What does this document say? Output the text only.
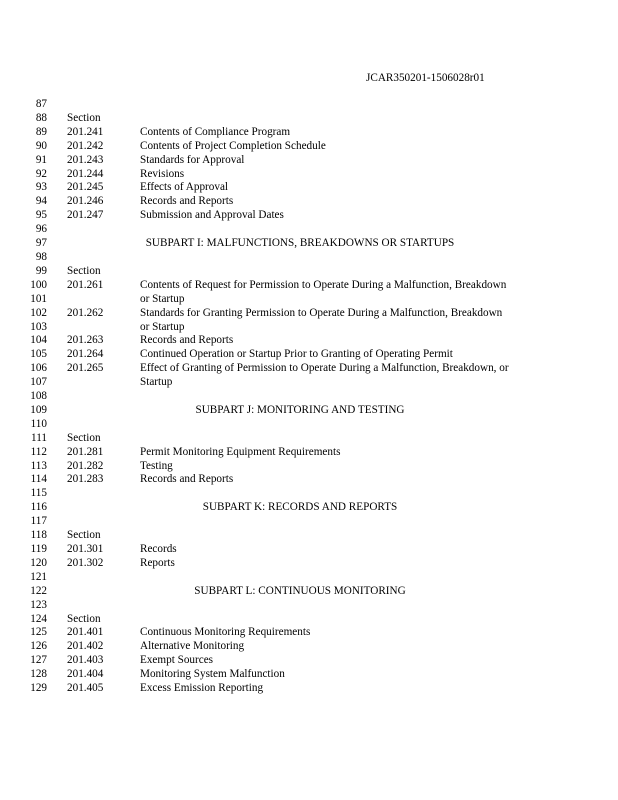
JCAR350201-1506028r01
87
88 Section
89 201.241	Contents of Compliance Program
90 201.242	Contents of Project Completion Schedule
91 201.243	Standards for Approval
92 201.244	Revisions
93 201.245	Effects of Approval
94 201.246	Records and Reports
95 201.247	Submission and Approval Dates
96
97	SUBPART I: MALFUNCTIONS, BREAKDOWNS OR STARTUPS
98
99 Section
100 201.261	Contents of Request for Permission to Operate During a Malfunction, Breakdown
101	or Startup
102 201.262	Standards for Granting Permission to Operate During a Malfunction, Breakdown
103	or Startup
104 201.263	Records and Reports
105 201.264	Continued Operation or Startup Prior to Granting of Operating Permit
106 201.265	Effect of Granting of Permission to Operate During a Malfunction, Breakdown, or
107	Startup
108
109	SUBPART J: MONITORING AND TESTING
110
111 Section
112 201.281	Permit Monitoring Equipment Requirements
113 201.282	Testing
114 201.283	Records and Reports
115
116	SUBPART K: RECORDS AND REPORTS
117
118 Section
119 201.301	Records
120 201.302	Reports
121
122	SUBPART L: CONTINUOUS MONITORING
123
124 Section
125 201.401	Continuous Monitoring Requirements
126 201.402	Alternative Monitoring
127 201.403	Exempt Sources
128 201.404	Monitoring System Malfunction
129 201.405	Excess Emission Reporting
